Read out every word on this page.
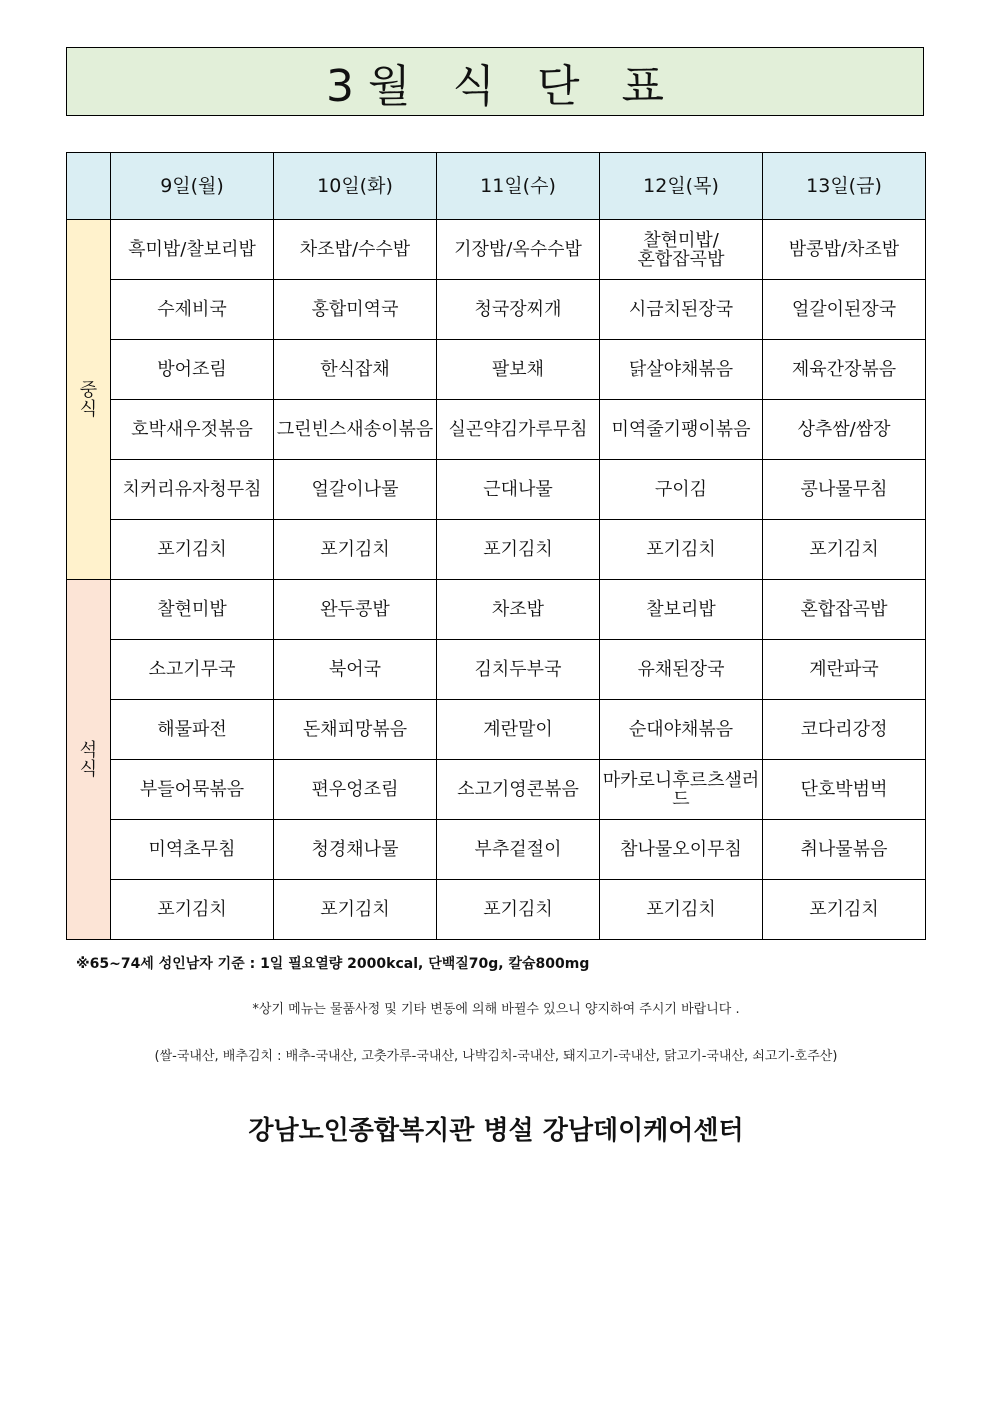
3월 식 단 표
	9일(월)	10일(화)	11일(수)	12일(목)	13일(금)

중
식	흑미밥/찰보리밥	차조밥/수수밥	기장밥/옥수수밥	찰현미밥/
혼합잡곡밥	밤콩밥/차조밥
	수제비국	홍합미역국	청국장찌개	시금치된장국	얼갈이된장국
	방어조림	한식잡채	팔보채	닭살야채볶음	제육간장볶음
	호박새우젓볶음	그린빈스새송이볶음	실곤약김가루무침	미역줄기팽이볶음	상추쌈/쌈장
	치커리유자청무침	얼갈이나물	근대나물	구이김	콩나물무침
	포기김치	포기김치	포기김치	포기김치	포기김치

석
식	찰현미밥	완두콩밥	차조밥	찰보리밥	혼합잡곡밥
	소고기무국	북어국	김치두부국	유채된장국	계란파국
	해물파전	돈채피망볶음	계란말이	순대야채볶음	코다리강정
	부들어묵볶음	편우엉조림	소고기영콘볶음	마카로니후르츠샐러드	단호박범벅
	미역초무침	청경채나물	부추겉절이	참나물오이무침	취나물볶음
	포기김치	포기김치	포기김치	포기김치	포기김치
※65~74세 성인남자 기준 : 1일 필요열량 2000kcal, 단백질70g, 칼슘800mg
*상기 메뉴는 물품사정 및 기타 변동에 의해 바뀔수 있으니 양지하여 주시기 바랍니다 .
(쌀-국내산, 배추김치 : 배추-국내산, 고춧가루-국내산, 나박김치-국내산, 돼지고기-국내산, 닭고기-국내산, 쇠고기-호주산)
강남노인종합복지관 병설 강남데이케어센터
